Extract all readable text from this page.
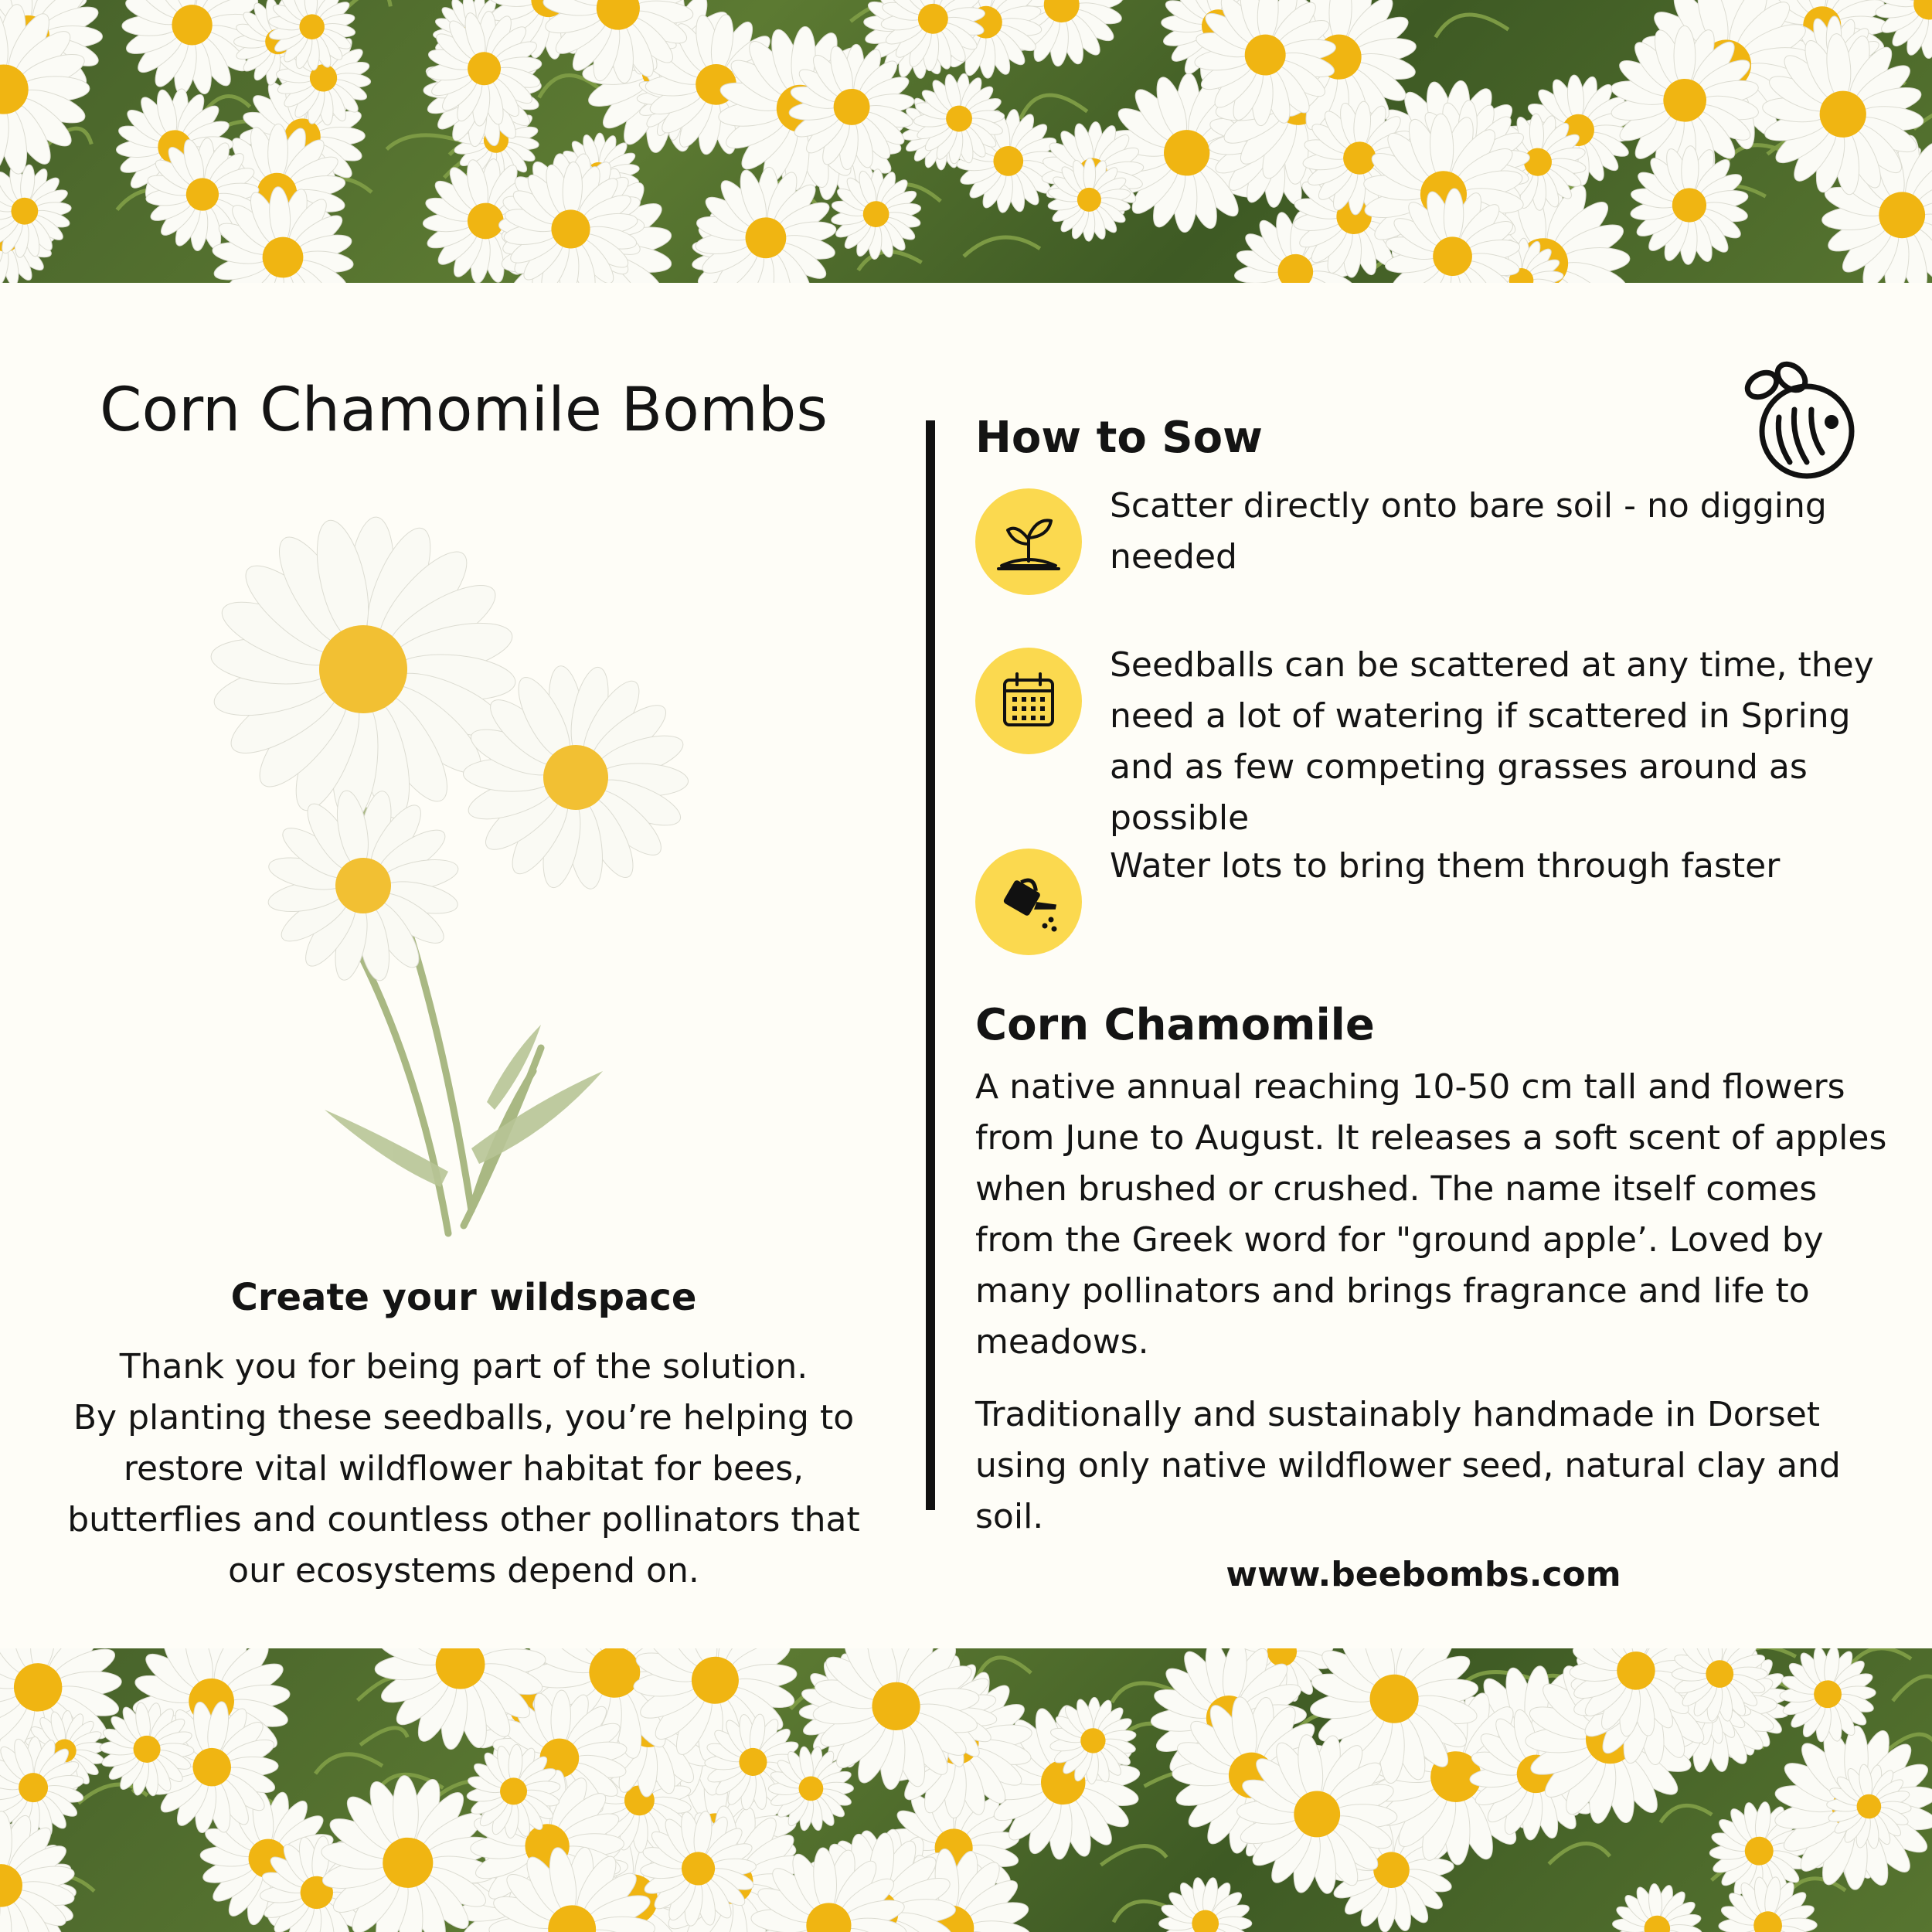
Corn Chamomile Bombs
Create your wildspace

Thank you for being part of the solution.
By planting these seedballs, you’re helping to
restore vital wildflower habitat for bees,
butterflies and countless other pollinators that
our ecosystems depend on.

How to Sow

Scatter directly onto bare soil - no digging needed

Seedballs can be scattered at any time, they need a lot of watering if scattered in Spring and as few competing grasses around as possible

Water lots to bring them through faster

Corn Chamomile

A native annual reaching 10-50 cm tall and flowers from June to August. It releases a soft scent of apples when brushed or crushed. The name itself comes from the Greek word for "ground apple’. Loved by many pollinators and brings fragrance and life to meadows.

Traditionally and sustainably handmade in Dorset using only native wildflower seed, natural clay and soil.

www.beebombs.com
